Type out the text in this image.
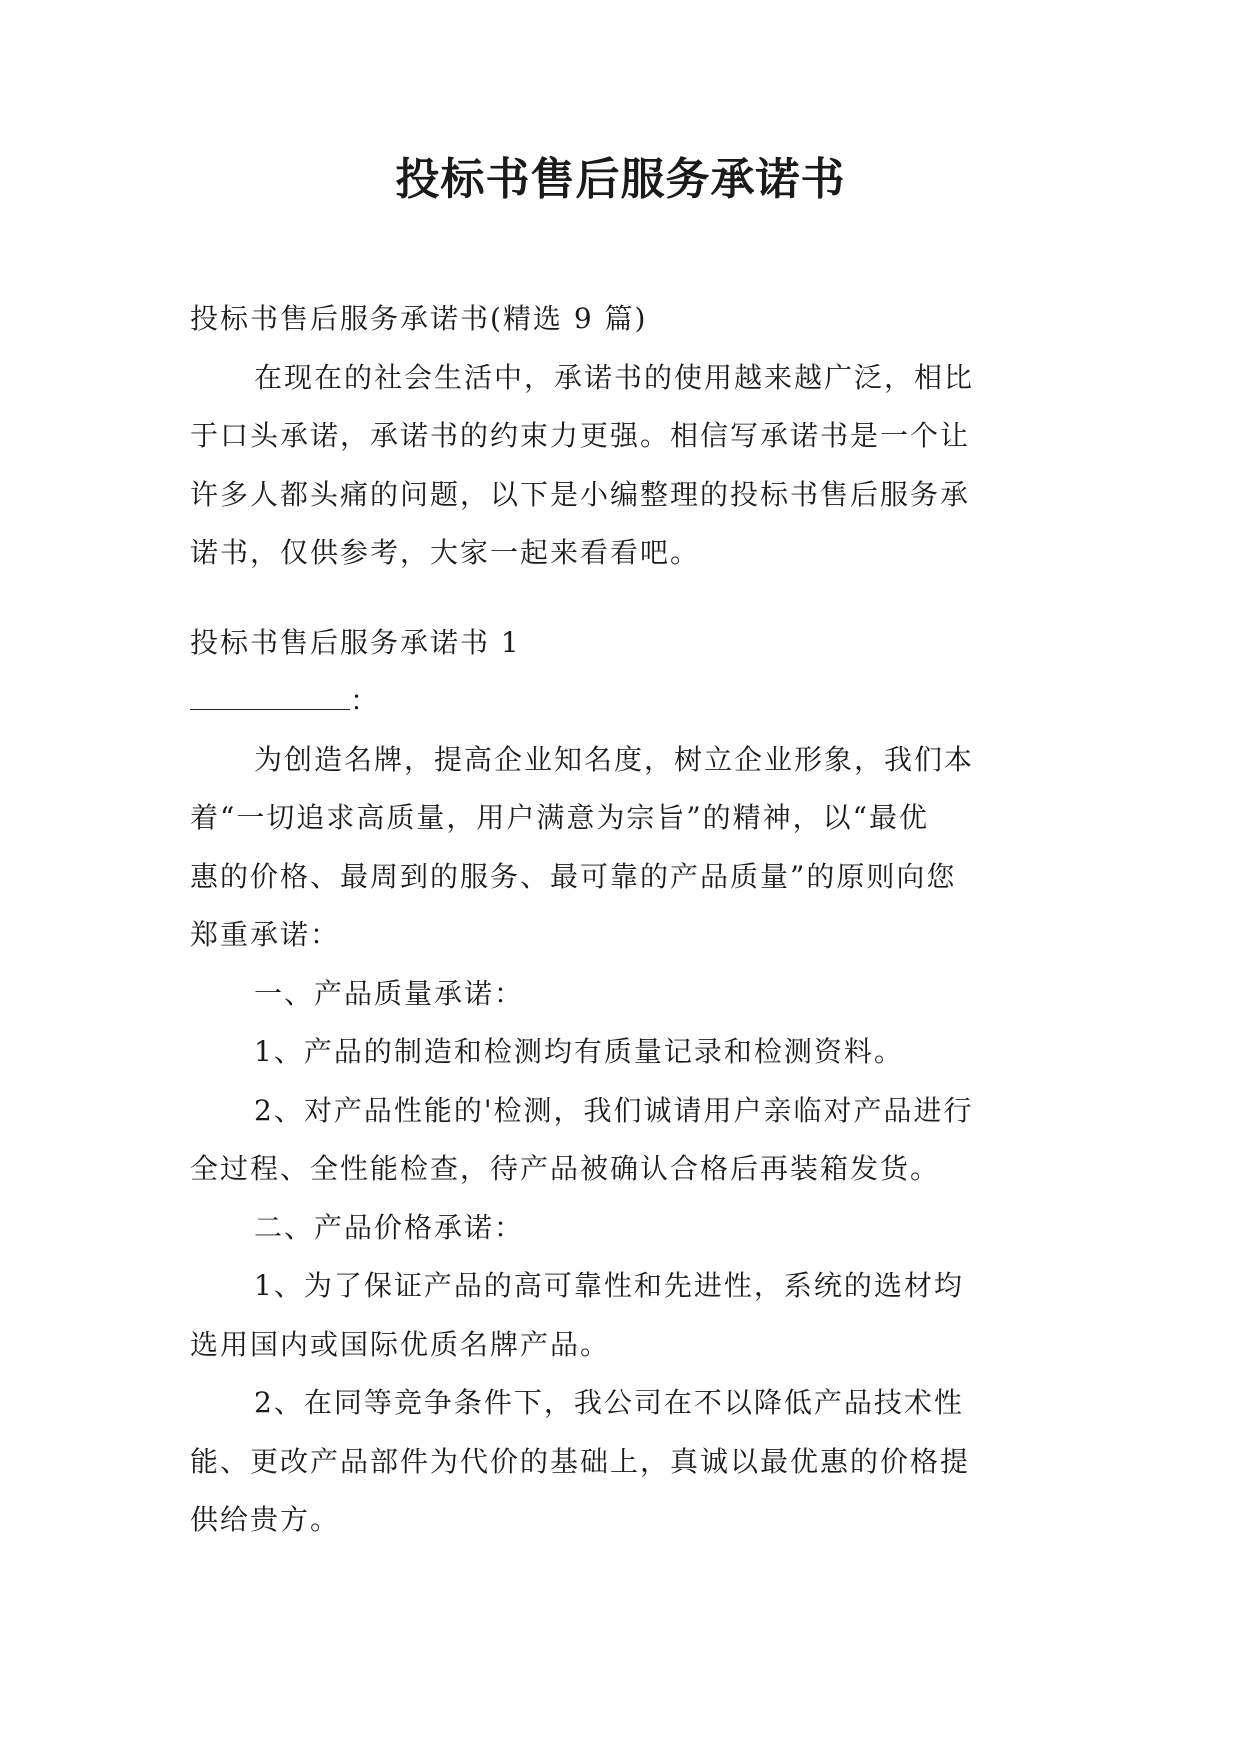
投标书售后服务承诺书
投标书售后服务承诺书(精选 9 篇)
在现在的社会生活中，承诺书的使用越来越广泛，相比
于口头承诺，承诺书的约束力更强。相信写承诺书是一个让
许多人都头痛的问题，以下是小编整理的投标书售后服务承
诺书，仅供参考，大家一起来看看吧。
投标书售后服务承诺书 1
：
为创造名牌，提高企业知名度，树立企业形象，我们本
着“一切追求高质量，用户满意为宗旨”的精神，以“最优
惠的价格、最周到的服务、最可靠的产品质量”的原则向您
郑重承诺：
一、产品质量承诺：
1、产品的制造和检测均有质量记录和检测资料。
2、对产品性能的'检测，我们诚请用户亲临对产品进行
全过程、全性能检查，待产品被确认合格后再装箱发货。
二、产品价格承诺：
1、为了保证产品的高可靠性和先进性，系统的选材均
选用国内或国际优质名牌产品。
2、在同等竞争条件下，我公司在不以降低产品技术性
能、更改产品部件为代价的基础上，真诚以最优惠的价格提
供给贵方。
